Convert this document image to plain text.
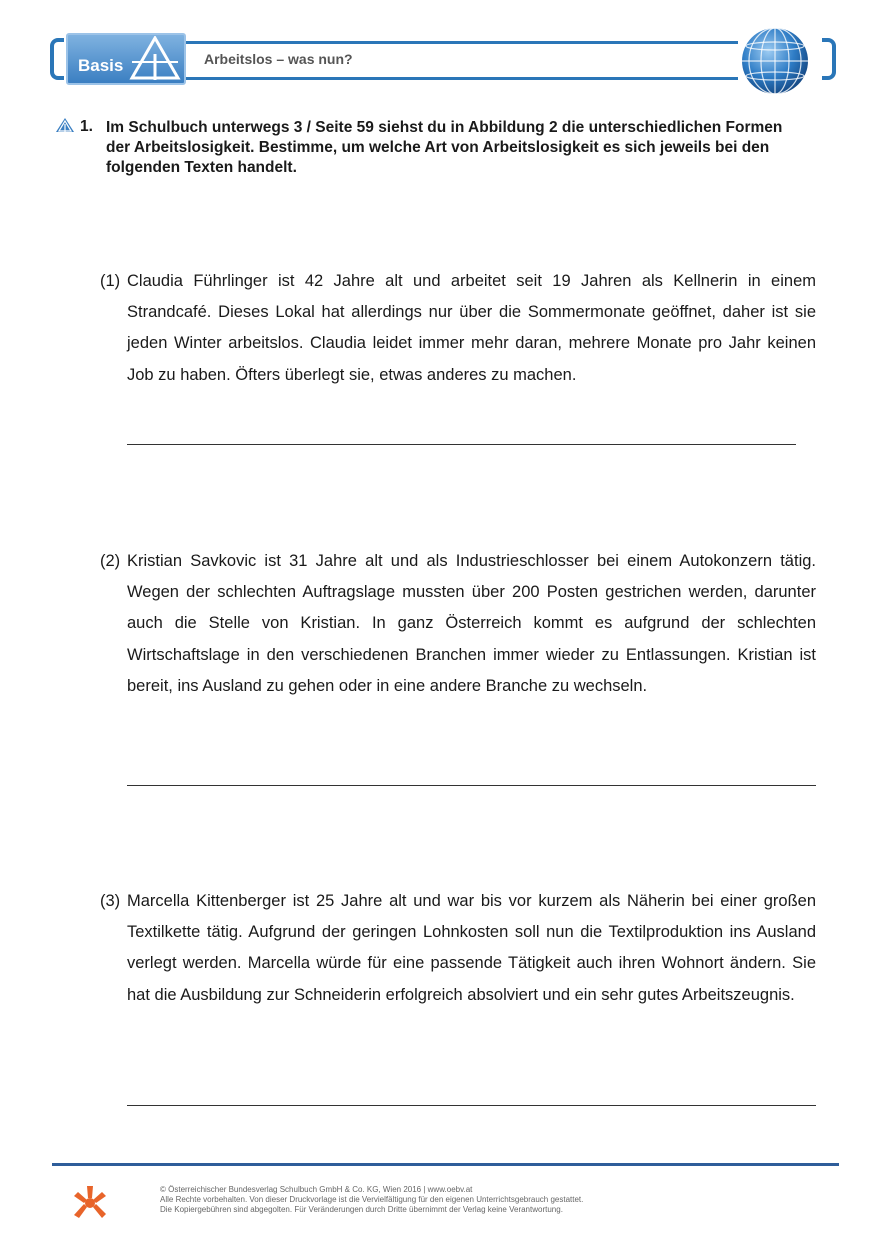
Basis	Arbeitslos – was nun?
1. Im Schulbuch unterwegs 3 / Seite 59 siehst du in Abbildung 2 die unterschiedlichen Formen der Arbeitslosigkeit. Bestimme, um welche Art von Arbeitslosigkeit es sich jeweils bei den folgenden Texten handelt.
(1) Claudia Führlinger ist 42 Jahre alt und arbeitet seit 19 Jahren als Kellnerin in einem Strandcafé. Dieses Lokal hat allerdings nur über die Sommermonate geöffnet, daher ist sie jeden Winter arbeitslos. Claudia leidet immer mehr daran, mehrere Monate pro Jahr keinen Job zu haben. Öfters überlegt sie, etwas anderes zu machen.
(2) Kristian Savkovic ist 31 Jahre alt und als Industrieschlosser bei einem Autokonzern tätig. Wegen der schlechten Auftragslage mussten über 200 Posten gestrichen werden, darunter auch die Stelle von Kristian. In ganz Österreich kommt es aufgrund der schlechten Wirtschaftslage in den verschiedenen Branchen immer wieder zu Entlassungen. Kristian ist bereit, ins Ausland zu gehen oder in eine andere Branche zu wechseln.
(3) Marcella Kittenberger ist 25 Jahre alt und war bis vor kurzem als Näherin bei einer großen Textilkette tätig. Aufgrund der geringen Lohnkosten soll nun die Textilproduktion ins Ausland verlegt werden. Marcella würde für eine passende Tätigkeit auch ihren Wohnort ändern. Sie hat die Ausbildung zur Schneiderin erfolgreich absolviert und ein sehr gutes Arbeitszeugnis.
© Österreichischer Bundesverlag Schulbuch GmbH & Co. KG, Wien 2016 | www.oebv.at
Alle Rechte vorbehalten. Von dieser Druckvorlage ist die Vervielfältigung für den eigenen Unterrichtsgebrauch gestattet.
Die Kopiergebühren sind abgegolten. Für Veränderungen durch Dritte übernimmt der Verlag keine Verantwortung.
